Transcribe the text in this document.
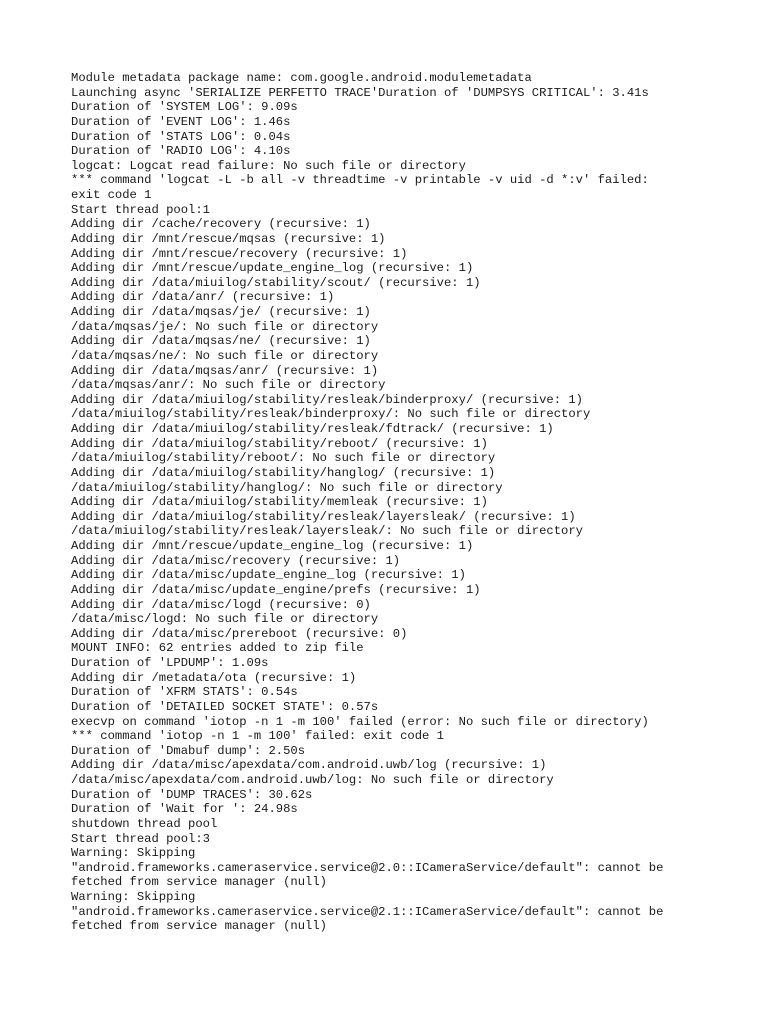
Module metadata package name: com.google.android.modulemetadata
Launching async 'SERIALIZE PERFETTO TRACE'Duration of 'DUMPSYS CRITICAL': 3.41s
Duration of 'SYSTEM LOG': 9.09s
Duration of 'EVENT LOG': 1.46s
Duration of 'STATS LOG': 0.04s
Duration of 'RADIO LOG': 4.10s
logcat: Logcat read failure: No such file or directory
*** command 'logcat -L -b all -v threadtime -v printable -v uid -d *:v' failed:
exit code 1
Start thread pool:1
Adding dir /cache/recovery (recursive: 1)
Adding dir /mnt/rescue/mqsas (recursive: 1)
Adding dir /mnt/rescue/recovery (recursive: 1)
Adding dir /mnt/rescue/update_engine_log (recursive: 1)
Adding dir /data/miuilog/stability/scout/ (recursive: 1)
Adding dir /data/anr/ (recursive: 1)
Adding dir /data/mqsas/je/ (recursive: 1)
/data/mqsas/je/: No such file or directory
Adding dir /data/mqsas/ne/ (recursive: 1)
/data/mqsas/ne/: No such file or directory
Adding dir /data/mqsas/anr/ (recursive: 1)
/data/mqsas/anr/: No such file or directory
Adding dir /data/miuilog/stability/resleak/binderproxy/ (recursive: 1)
/data/miuilog/stability/resleak/binderproxy/: No such file or directory
Adding dir /data/miuilog/stability/resleak/fdtrack/ (recursive: 1)
Adding dir /data/miuilog/stability/reboot/ (recursive: 1)
/data/miuilog/stability/reboot/: No such file or directory
Adding dir /data/miuilog/stability/hanglog/ (recursive: 1)
/data/miuilog/stability/hanglog/: No such file or directory
Adding dir /data/miuilog/stability/memleak (recursive: 1)
Adding dir /data/miuilog/stability/resleak/layersleak/ (recursive: 1)
/data/miuilog/stability/resleak/layersleak/: No such file or directory
Adding dir /mnt/rescue/update_engine_log (recursive: 1)
Adding dir /data/misc/recovery (recursive: 1)
Adding dir /data/misc/update_engine_log (recursive: 1)
Adding dir /data/misc/update_engine/prefs (recursive: 1)
Adding dir /data/misc/logd (recursive: 0)
/data/misc/logd: No such file or directory
Adding dir /data/misc/prereboot (recursive: 0)
MOUNT INFO: 62 entries added to zip file
Duration of 'LPDUMP': 1.09s
Adding dir /metadata/ota (recursive: 1)
Duration of 'XFRM STATS': 0.54s
Duration of 'DETAILED SOCKET STATE': 0.57s
execvp on command 'iotop -n 1 -m 100' failed (error: No such file or directory)
*** command 'iotop -n 1 -m 100' failed: exit code 1
Duration of 'Dmabuf dump': 2.50s
Adding dir /data/misc/apexdata/com.android.uwb/log (recursive: 1)
/data/misc/apexdata/com.android.uwb/log: No such file or directory
Duration of 'DUMP TRACES': 30.62s
Duration of 'Wait for ': 24.98s
shutdown thread pool
Start thread pool:3
Warning: Skipping
"android.frameworks.cameraservice.service@2.0::ICameraService/default": cannot be
fetched from service manager (null)
Warning: Skipping
"android.frameworks.cameraservice.service@2.1::ICameraService/default": cannot be
fetched from service manager (null)
